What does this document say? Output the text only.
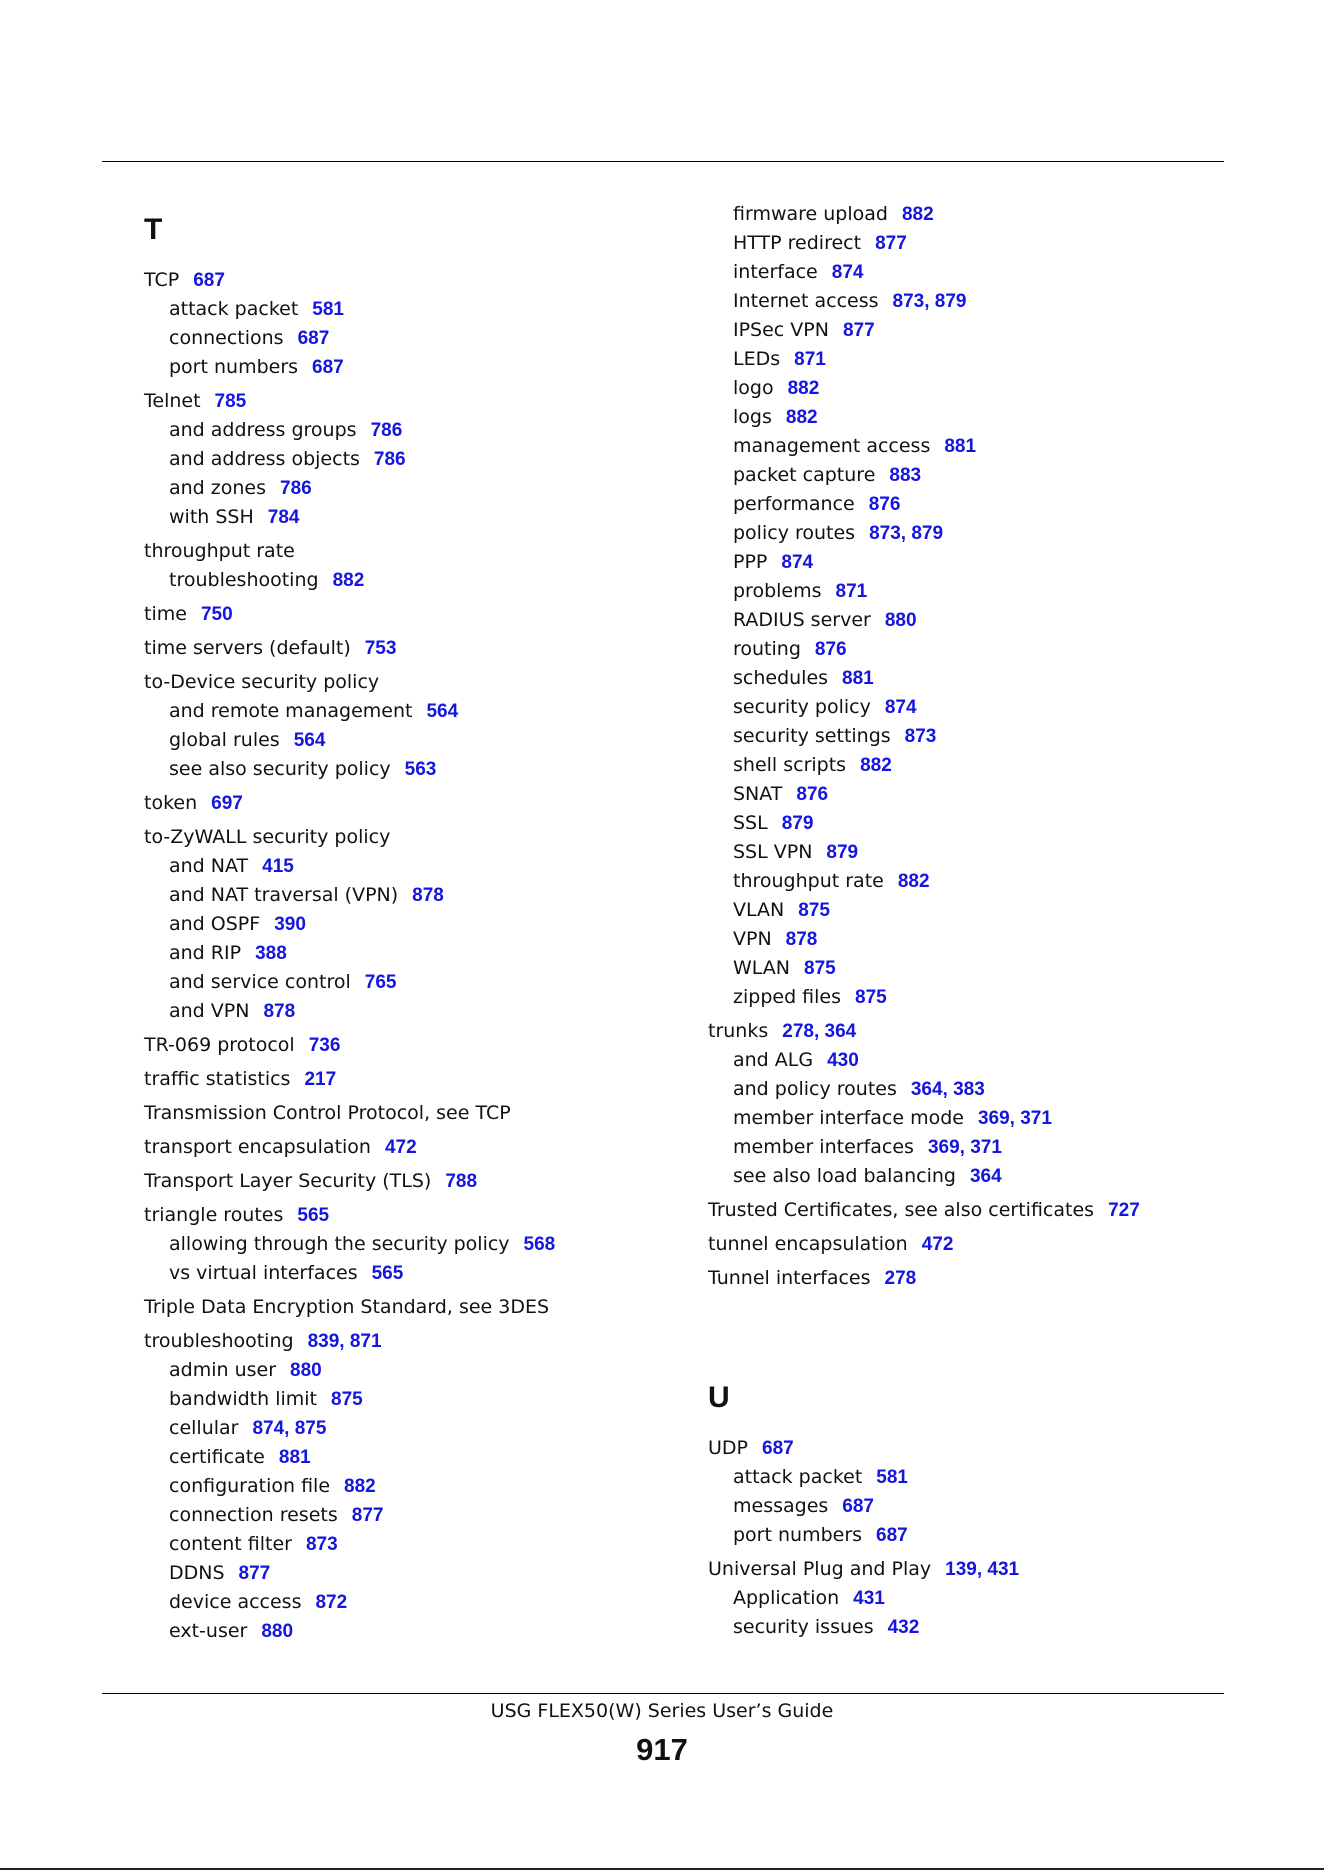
T
TCP 687
attack packet 581
connections 687
port numbers 687
Telnet 785
and address groups 786
and address objects 786
and zones 786
with SSH 784
throughput rate
troubleshooting 882
time 750
time servers (default) 753
to-Device security policy
and remote management 564
global rules 564
see also security policy 563
token 697
to-ZyWALL security policy
and NAT 415
and NAT traversal (VPN) 878
and OSPF 390
and RIP 388
and service control 765
and VPN 878
TR-069 protocol 736
traffic statistics 217
Transmission Control Protocol, see TCP
transport encapsulation 472
Transport Layer Security (TLS) 788
triangle routes 565
allowing through the security policy 568
vs virtual interfaces 565
Triple Data Encryption Standard, see 3DES
troubleshooting 839, 871
admin user 880
bandwidth limit 875
cellular 874, 875
certificate 881
configuration file 882
connection resets 877
content filter 873
DDNS 877
device access 872
ext-user 880
firmware upload 882
HTTP redirect 877
interface 874
Internet access 873, 879
IPSec VPN 877
LEDs 871
logo 882
logs 882
management access 881
packet capture 883
performance 876
policy routes 873, 879
PPP 874
problems 871
RADIUS server 880
routing 876
schedules 881
security policy 874
security settings 873
shell scripts 882
SNAT 876
SSL 879
SSL VPN 879
throughput rate 882
VLAN 875
VPN 878
WLAN 875
zipped files 875
trunks 278, 364
and ALG 430
and policy routes 364, 383
member interface mode 369, 371
member interfaces 369, 371
see also load balancing 364
Trusted Certificates, see also certificates 727
tunnel encapsulation 472
Tunnel interfaces 278
U
UDP 687
attack packet 581
messages 687
port numbers 687
Universal Plug and Play 139, 431
Application 431
security issues 432
USG FLEX50(W) Series User’s Guide
917
